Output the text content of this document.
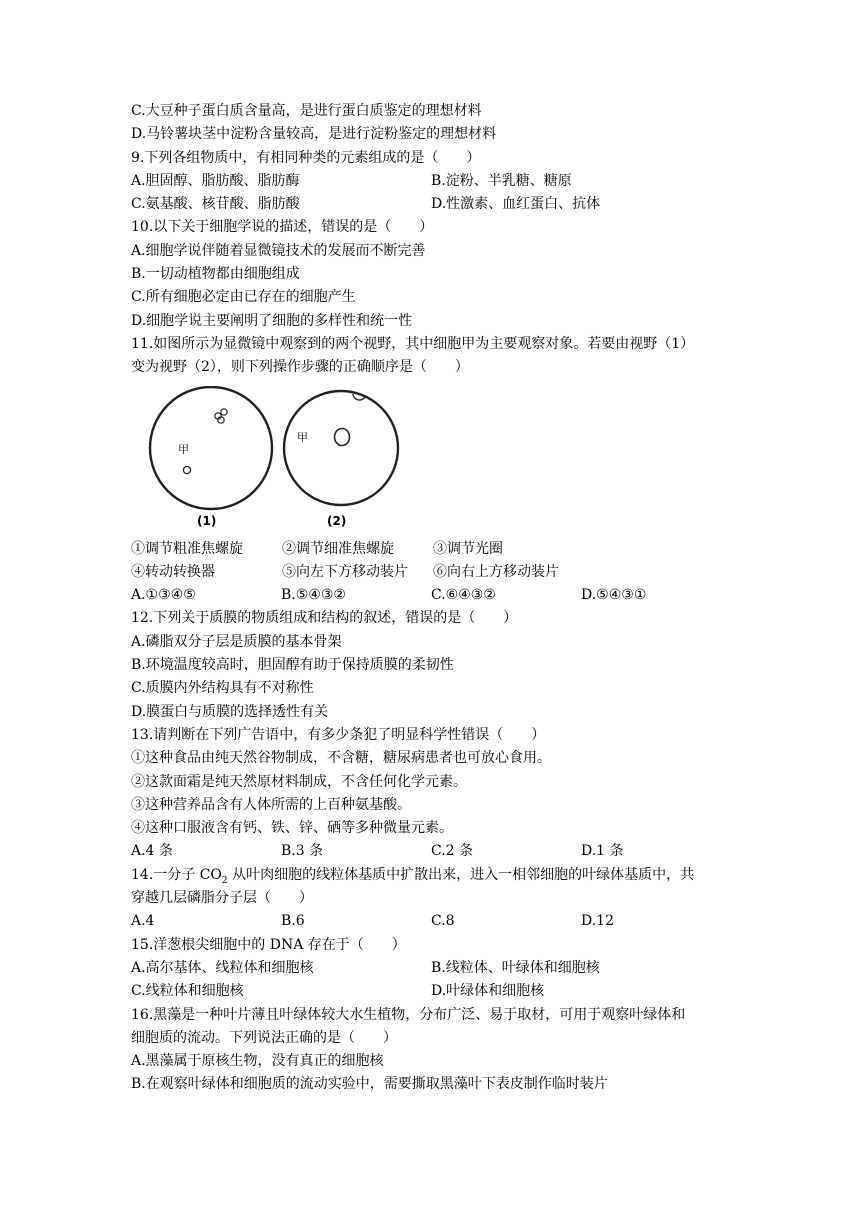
C.大豆种子蛋白质含量高，是进行蛋白质鉴定的理想材料
D.马铃薯块茎中淀粉含量较高，是进行淀粉鉴定的理想材料
9.下列各组物质中，有相同种类的元素组成的是（　　）
A.胆固醇、脂肪酸、脂肪酶	B.淀粉、半乳糖、糖原
C.氨基酸、核苷酸、脂肪酸	D.性激素、血红蛋白、抗体
10.以下关于细胞学说的描述，错误的是（　　）
A.细胞学说伴随着显微镜技术的发展而不断完善
B.一切动植物都由细胞组成
C.所有细胞必定由已存在的细胞产生
D.细胞学说主要阐明了细胞的多样性和统一性
11.如图所示为显微镜中观察到的两个视野，其中细胞甲为主要观察对象。若要由视野（1）
变为视野（2），则下列操作步骤的正确顺序是（　　）
甲
甲
(1)	(2)
①调节粗准焦螺旋	②调节细准焦螺旋	③调节光圈
④转动转换器	⑤向左下方移动装片	⑥向右上方移动装片
A.①③④⑤	B.⑤④③②	C.⑥④③②	D.⑤④③①
12.下列关于质膜的物质组成和结构的叙述，错误的是（　　）
A.磷脂双分子层是质膜的基本骨架
B.环境温度较高时，胆固醇有助于保持质膜的柔韧性
C.质膜内外结构具有不对称性
D.膜蛋白与质膜的选择透性有关
13.请判断在下列广告语中，有多少条犯了明显科学性错误（　　）
①这种食品由纯天然谷物制成，不含糖，糖尿病患者也可放心食用。
②这款面霜是纯天然原材料制成，不含任何化学元素。
③这种营养品含有人体所需的上百种氨基酸。
④这种口服液含有钙、铁、锌、硒等多种微量元素。
A.4 条	B.3 条	C.2 条	D.1 条
14.一分子 $CO_2$ 从叶肉细胞的线粒体基质中扩散出来，进入一相邻细胞的叶绿体基质中，共
穿越几层磷脂分子层（　　）
A.4	B.6	C.8	D.12
15.洋葱根尖细胞中的 DNA 存在于（　　）
A.高尔基体、线粒体和细胞核	B.线粒体、叶绿体和细胞核
C.线粒体和细胞核	D.叶绿体和细胞核
16.黑藻是一种叶片薄且叶绿体较大水生植物，分布广泛、易于取材，可用于观察叶绿体和
细胞质的流动。下列说法正确的是（　　）
A.黑藻属于原核生物，没有真正的细胞核
B.在观察叶绿体和细胞质的流动实验中，需要撕取黑藻叶下表皮制作临时装片
